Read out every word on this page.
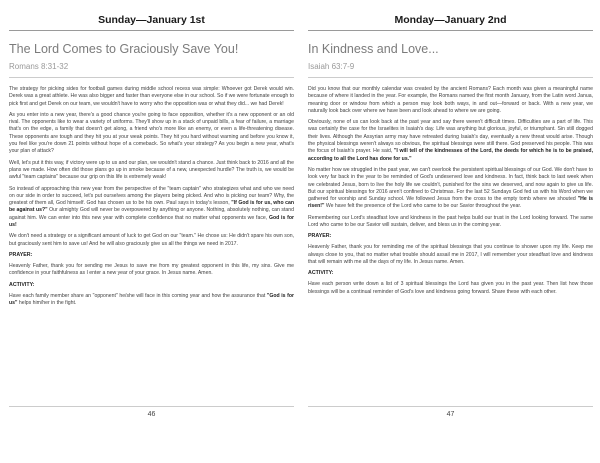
Sunday—January 1st
The Lord Comes to Graciously Save You!
Romans 8:31-32

The strategy for picking sides for football games during middle school recess was simple: Whoever got Derek would win. Derek was a great athlete. He was also bigger and faster than everyone else in our school. So if we were fortunate enough to pick first and get Derek on our team, we wouldn't have to worry who the opposition was or what they did... we had Derek!

As you enter into a new year, there's a good chance you're going to face opposition, whether it's a new opponent or an old rival. The opponents like to wear a variety of uniforms. They'll show up in a stack of unpaid bills, a fear of failure, a marriage that's on the edge, a family that doesn't get along, a friend who's more like an enemy, or even a life-threatening disease. These opponents are tough and they hit you at your weak points. They hit you hard without warning and before you know it, you feel like you're down 21 points without hope of a comeback. So what's your strategy? As you begin a new year, what's your plan of attack?

Well, let's put it this way, if victory were up to us and our plan, we wouldn't stand a chance. Just think back to 2016 and all the plans we made. How often did those plans go up in smoke because of a new, unexpected hurdle? The truth is, we would be awful "team captains" because our grip on this life is extremely weak!

So instead of approaching this new year from the perspective of the "team captain" who strategizes what and who we need on our side in order to succeed, let's put ourselves among the players being picked. And who is picking our team? Why, the greatest of them all, God himself. God has chosen us to be his own. Paul says in today's lesson, "If God is for us, who can be against us?" Our almighty God will never be overpowered by anything or anyone. Nothing, absolutely nothing, can stand against him. We can enter into this new year with complete confidence that no matter what opponents we face, God is for us!

We don't need a strategy or a significant amount of luck to get God on our "team." He chose us: He didn't spare his own son, but graciously sent him to save us! And he will also graciously give us all the things we need in 2017.

PRAYER:

Heavenly Father, thank you for sending me Jesus to save me from my greatest opponent in this life, my sins. Give me confidence in your faithfulness as I enter a new year of your grace. In Jesus name. Amen.

ACTIVITY:

Have each family member share an "opponent" he/she will face in this coming year and how the assurance that "God is for us" helps him/her in the fight.

46
Monday—January 2nd
In Kindness and Love...
Isaiah 63:7-9

Did you know that our monthly calendar was created by the ancient Romans? Each month was given a meaningful name because of where it landed in the year. For example, the Romans named the first month January, from the Latin word Janua, meaning door or window from which a person may look both ways, in and out—forward or back. With a new year, we naturally look back over where we have been and look ahead to where we are going.

Obviously, none of us can look back at the past year and say there weren't difficult times. Difficulties are a part of life. This was certainly the case for the Israelites in Isaiah's day. Life was anything but glorious, joyful, or triumphant. Sin still dogged their lives. Although the Assyrian army may have retreated during Isaiah's day, eventually a new threat would arise. Though the physical blessings weren't always so obvious, the spiritual blessings were still there. God preserved his people. This was the focus of Isaiah's prayer. He said, "I will tell of the kindnesses of the Lord, the deeds for which he is to be praised, according to all the Lord has done for us."

No matter how we struggled in the past year, we can't overlook the persistent spiritual blessings of our God. We don't have to look very far back in the year to be reminded of God's undeserved love and kindness. In fact, think back to last week when we celebrated Jesus, born to live the holy life we couldn't, punished for the sins we deserved, and now again to give us life. But our spiritual blessings for 2016 aren't confined to Christmas. For the last 52 Sundays God fed us with his Word when we gathered for worship and Sunday school. We followed Jesus from the cross to the empty tomb where we shouted "He is risen!" We have felt the presence of the Lord who came to be our Savior throughout the year.

Remembering our Lord's steadfast love and kindness in the past helps build our trust in the Lord looking forward. The same Lord who came to be our Savior will sustain, deliver, and bless us in the coming year.

PRAYER:

Heavenly Father, thank you for reminding me of the spiritual blessings that you continue to shower upon my life. Keep me always close to you, that no matter what trouble should assail me in 2017, I will remember your steadfast love and kindness that will remain with me all the days of my life. In Jesus name. Amen.

ACTIVITY:

Have each person write down a list of 3 spiritual blessings the Lord has given you in the past year. Then list how those blessings will be a continual reminder of God's love and kindness going forward. Share these with each other.

47
